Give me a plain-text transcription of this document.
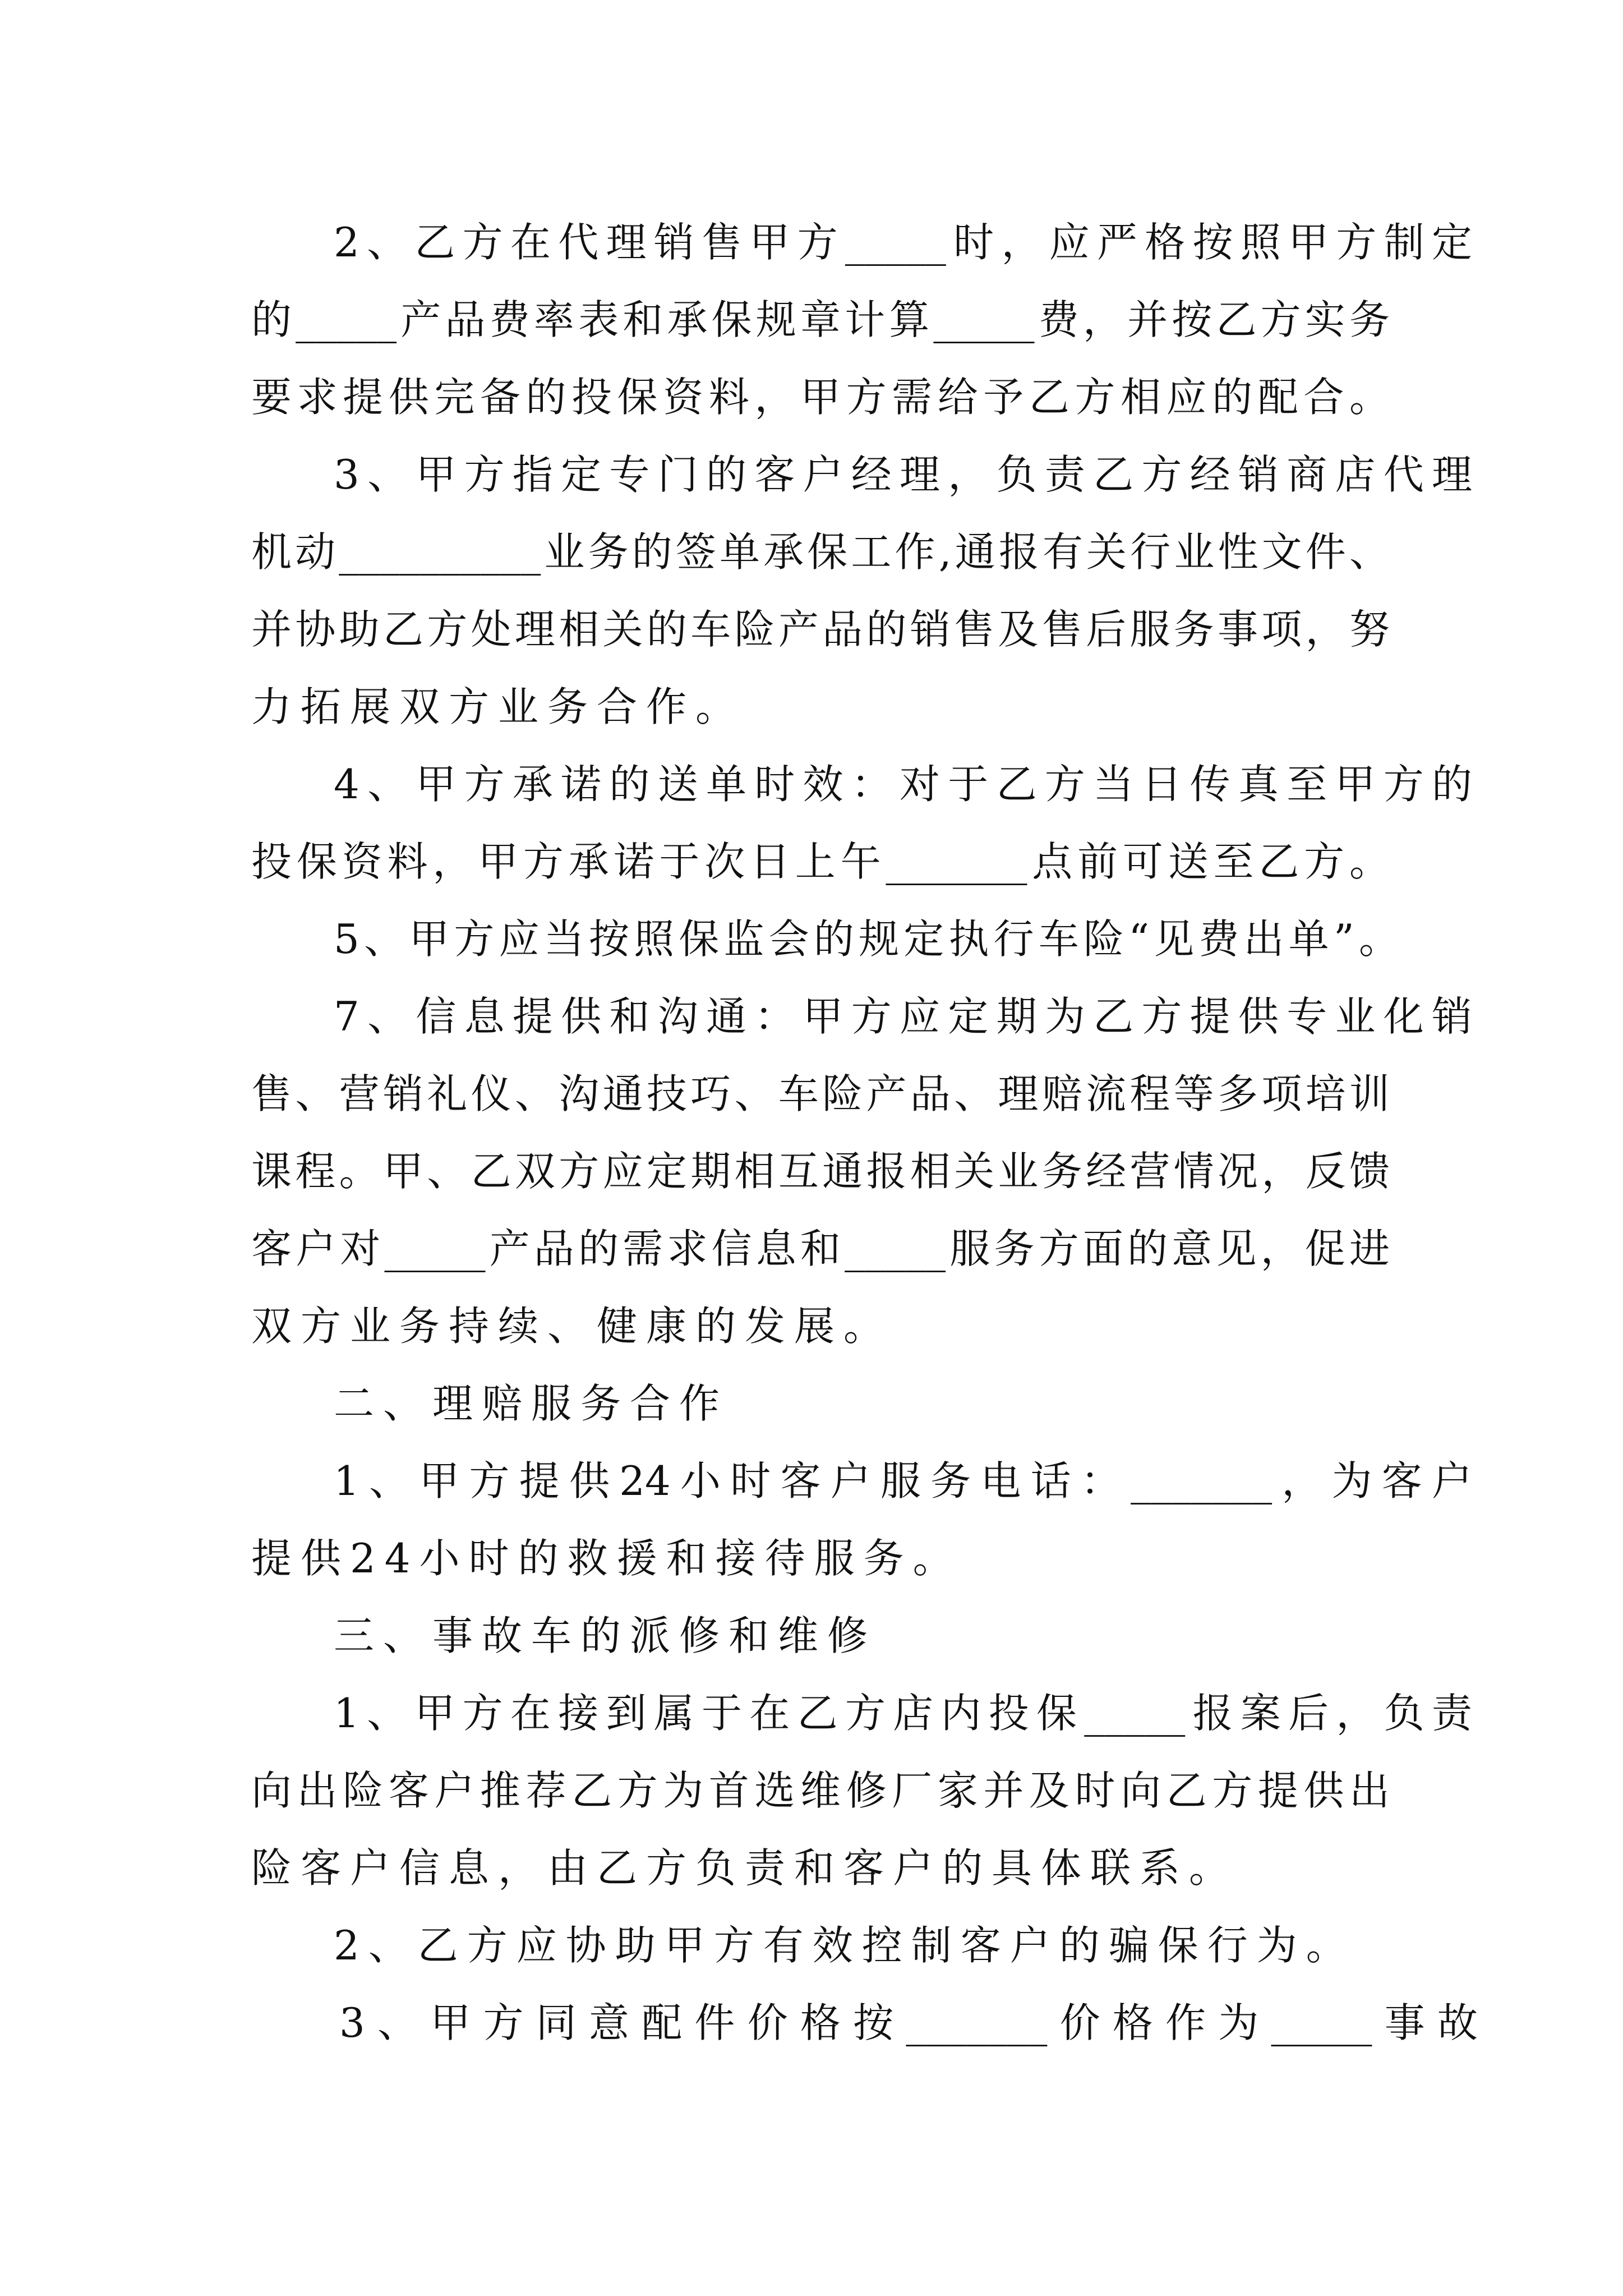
2、乙方在代理销售甲方_____时，应严格按照甲方制定
的_____产品费率表和承保规章计算_____费，并按乙方实务
要求提供完备的投保资料，甲方需给予乙方相应的配合。
3、甲方指定专门的客户经理，负责乙方经销商店代理
机动__________业务的签单承保工作,通报有关行业性文件、
并协助乙方处理相关的车险产品的销售及售后服务事项，努
力拓展双方业务合作。
4、甲方承诺的送单时效：对于乙方当日传真至甲方的
投保资料，甲方承诺于次日上午_______点前可送至乙方。
5、甲方应当按照保监会的规定执行车险“见费出单”。
7、信息提供和沟通：甲方应定期为乙方提供专业化销
售、营销礼仪、沟通技巧、车险产品、理赔流程等多项培训
课程。甲、乙双方应定期相互通报相关业务经营情况，反馈
客户对_____产品的需求信息和_____服务方面的意见，促进
双方业务持续、健康的发展。
二、理赔服务合作
1、甲方提供24小时客户服务电话：_______，为客户
提供24小时的救援和接待服务。
三、事故车的派修和维修
1、甲方在接到属于在乙方店内投保_____报案后，负责
向出险客户推荐乙方为首选维修厂家并及时向乙方提供出
险客户信息，由乙方负责和客户的具体联系。
2、乙方应协助甲方有效控制客户的骗保行为。
3、甲方同意配件价格按_______价格作为_____事故
